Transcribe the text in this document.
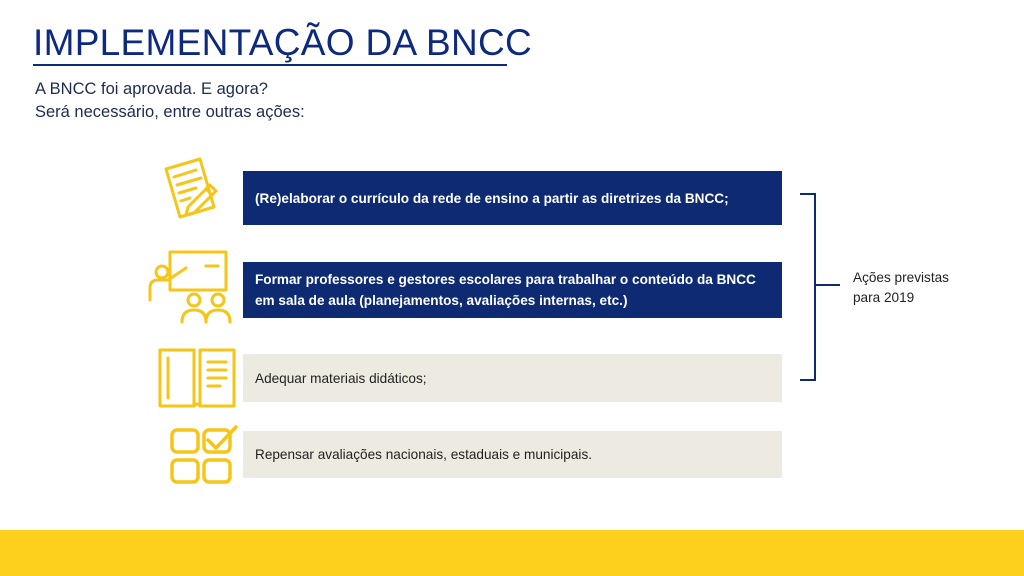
IMPLEMENTAÇÃO DA BNCC
A BNCC foi aprovada. E agora?
Será necessário, entre outras ações:
(Re)elaborar o currículo da rede de ensino a partir as diretrizes da BNCC;
Formar professores e gestores escolares para trabalhar o conteúdo da BNCC em sala de aula (planejamentos, avaliações internas, etc.)
Adequar materiais didáticos;
Repensar avaliações nacionais, estaduais e municipais.
Ações previstas
para 2019
